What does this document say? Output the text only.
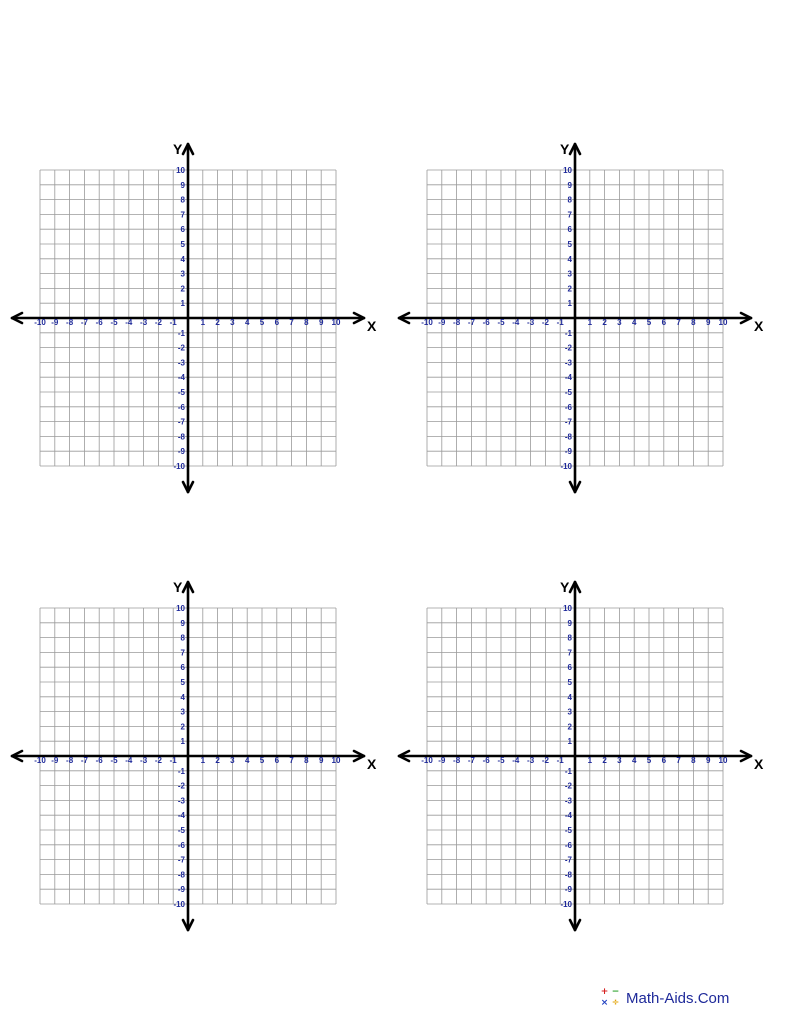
X
Y
-10 -9 -8 -7 -6 -5 -4 -3 -2 -1	1 2 3 4 5 6 7 8 9 10
-10
-9
-8
-7
-6
-5
-4
-3
-2
-1
1
2
3
4
5
6
7
8
9
10
X
Y
-10 -9 -8 -7 -6 -5 -4 -3 -2 -1	1 2 3 4 5 6 7 8 9 10
-10
-9
-8
-7
-6
-5
-4
-3
-2
-1
1
2
3
4
5
6
7
8
9
10
X
Y
-10 -9 -8 -7 -6 -5 -4 -3 -2 -1	1 2 3 4 5 6 7 8 9 10
-10
-9
-8
-7
-6
-5
-4
-3
-2
-1
1
2
3
4
5
6
7
8
9
10
X
Y
-10 -9 -8 -7 -6 -5 -4 -3 -2 -1	1 2 3 4 5 6 7 8 9 10
-10
-9
-8
-7
-6
-5
-4
-3
-2
-1
1
2
3
4
5
6
7
8
9
10
+ −
× ÷ Math-Aids.Com
